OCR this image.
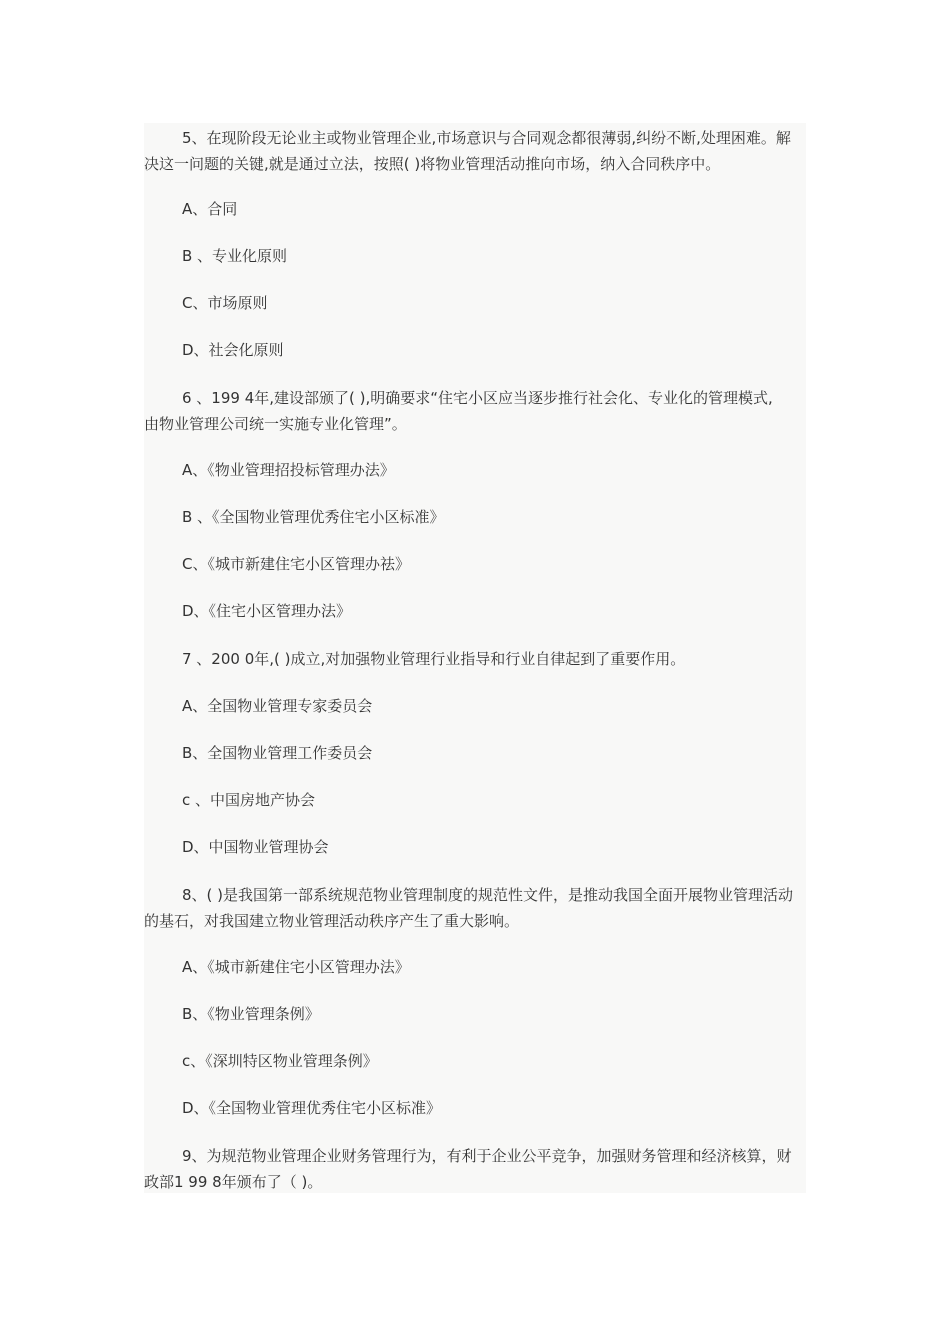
5、在现阶段无论业主或物业管理企业,市场意识与合同观念都很薄弱,纠纷不断,处理困难。解
决这一问题的关键,就是通过立法，按照( )将物业管理活动推向市场，纳入合同秩序中。
A、合同
B 、专业化原则
C、市场原则
D、社会化原则
6 、199 4年,建设部颁了( ),明确要求“住宅小区应当逐步推行社会化、专业化的管理模式,
由物业管理公司统一实施专业化管理”。
A、《物业管理招投标管理办法》
B 、《全国物业管理优秀住宅小区标准》
C、《城市新建住宅小区管理办祛》
D、《住宅小区管理办法》
7 、200 0年,( )成立,对加强物业管理行业指导和行业自律起到了重要作用。
A、全国物业管理专家委员会
B、全国物业管理工作委员会
c 、中国房地产协会
D、中国物业管理协会
8、( )是我国第一部系统规范物业管理制度的规范性文件，是推动我国全面开展物业管理活动
的基石，对我国建立物业管理活动秩序产生了重大影响。
A、《城市新建住宅小区管理办法》
B、《物业管理条例》
c、《深圳特区物业管理条例》
D、《全国物业管理优秀住宅小区标准》
9、为规范物业管理企业财务管理行为，有利于企业公平竞争，加强财务管理和经济核算，财
政部1 99 8年颁布了（ )。
